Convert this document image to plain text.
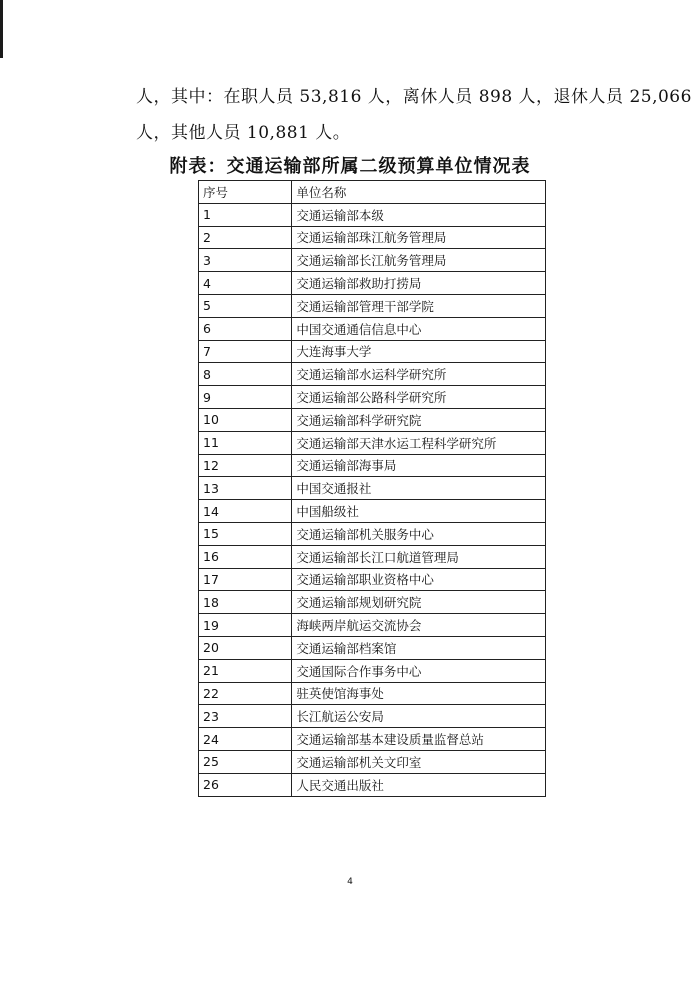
人，其中：在职人员 53,816 人，离休人员 898 人，退休人员 25,066
人，其他人员 10,881 人。
附表：交通运输部所属二级预算单位情况表
序号	单位名称
1	交通运输部本级
2	交通运输部珠江航务管理局
3	交通运输部长江航务管理局
4	交通运输部救助打捞局
5	交通运输部管理干部学院
6	中国交通通信信息中心
7	大连海事大学
8	交通运输部水运科学研究所
9	交通运输部公路科学研究所
10	交通运输部科学研究院
11	交通运输部天津水运工程科学研究所
12	交通运输部海事局
13	中国交通报社
14	中国船级社
15	交通运输部机关服务中心
16	交通运输部长江口航道管理局
17	交通运输部职业资格中心
18	交通运输部规划研究院
19	海峡两岸航运交流协会
20	交通运输部档案馆
21	交通国际合作事务中心
22	驻英使馆海事处
23	长江航运公安局
24	交通运输部基本建设质量监督总站
25	交通运输部机关文印室
26	人民交通出版社
4
